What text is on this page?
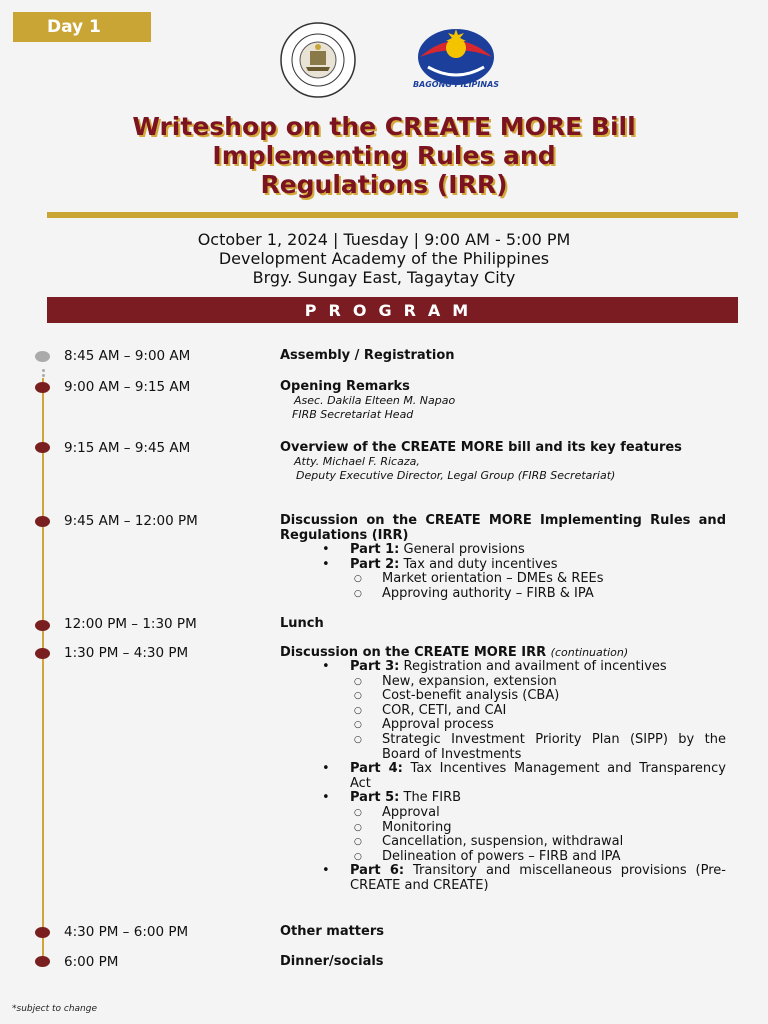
Day 1
BAGONG PILIPINAS
Writeshop on the CREATE MORE Bill
Implementing Rules and
Regulations (IRR)
October 1, 2024 | Tuesday | 9:00 AM - 5:00 PM
Development Academy of the Philippines
Brgy. Sungay East, Tagaytay City
PROGRAM
8:45 AM – 9:00 AM	Assembly / Registration
9:00 AM – 9:15 AM	Opening Remarks
Asec. Dakila Elteen M. Napao
FIRB Secretariat Head
9:15 AM – 9:45 AM	Overview of the CREATE MORE bill and its key features
Atty. Michael F. Ricaza,
Deputy Executive Director, Legal Group (FIRB Secretariat)
9:45 AM – 12:00 PM	Discussion on the CREATE MORE Implementing Rules and Regulations (IRR)
• Part 1: General provisions
• Part 2: Tax and duty incentives
○ Market orientation – DMEs & REEs
○ Approving authority – FIRB & IPA
12:00 PM – 1:30 PM	Lunch
1:30 PM – 4:30 PM	Discussion on the CREATE MORE IRR (continuation)
• Part 3: Registration and availment of incentives
○ New, expansion, extension
○ Cost-benefit analysis (CBA)
○ COR, CETI, and CAI
○ Approval process
○ Strategic Investment Priority Plan (SIPP) by the Board of Investments
• Part 4: Tax Incentives Management and Transparency Act
• Part 5: The FIRB
○ Approval
○ Monitoring
○ Cancellation, suspension, withdrawal
○ Delineation of powers – FIRB and IPA
• Part 6: Transitory and miscellaneous provisions (Pre-CREATE and CREATE)
4:30 PM – 6:00 PM	Other matters
6:00 PM	Dinner/socials
*subject to change
